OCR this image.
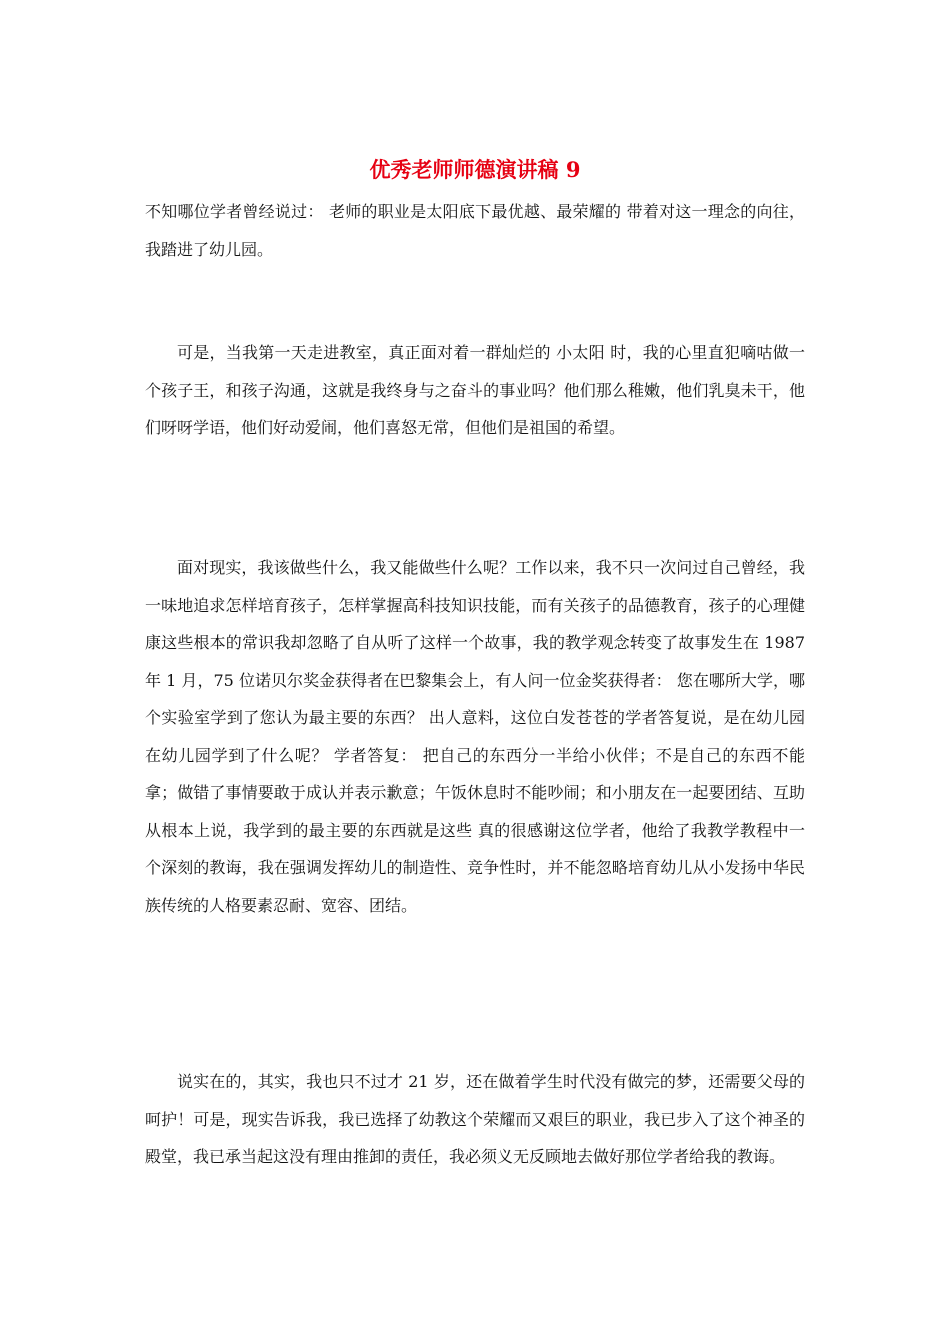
优秀老师师德演讲稿 9

不知哪位学者曾经说过： 老师的职业是太阳底下最优越、最荣耀的 带着对这一理念的向往，我踏进了幼儿园。

可是，当我第一天走进教室，真正面对着一群灿烂的 小太阳 时，我的心里直犯嘀咕做一个孩子王，和孩子沟通，这就是我终身与之奋斗的事业吗？他们那么稚嫩，他们乳臭未干，他们呀呀学语，他们好动爱闹，他们喜怒无常，但他们是祖国的希望。

面对现实，我该做些什么，我又能做些什么呢？工作以来，我不只一次问过自己曾经，我一味地追求怎样培育孩子，怎样掌握高科技知识技能，而有关孩子的品德教育，孩子的心理健康这些根本的常识我却忽略了自从听了这样一个故事，我的教学观念转变了故事发生在 1987 年 1 月，75 位诺贝尔奖金获得者在巴黎集会上，有人问一位金奖获得者： 您在哪所大学，哪个实验室学到了您认为最主要的东西？ 出人意料，这位白发苍苍的学者答复说，是在幼儿园 在幼儿园学到了什么呢？ 学者答复： 把自己的东西分一半给小伙伴；不是自己的东西不能拿；做错了事情要敢于成认并表示歉意；午饭休息时不能吵闹；和小朋友在一起要团结、互助 从根本上说，我学到的最主要的东西就是这些 真的很感谢这位学者，他给了我教学教程中一个深刻的教诲，我在强调发挥幼儿的制造性、竞争性时，并不能忽略培育幼儿从小发扬中华民族传统的人格要素忍耐、宽容、团结。

说实在的，其实，我也只不过才 21 岁，还在做着学生时代没有做完的梦，还需要父母的呵护！可是，现实告诉我，我已选择了幼教这个荣耀而又艰巨的职业，我已步入了这个神圣的殿堂，我已承当起这没有理由推卸的责任，我必须义无反顾地去做好那位学者给我的教诲。
